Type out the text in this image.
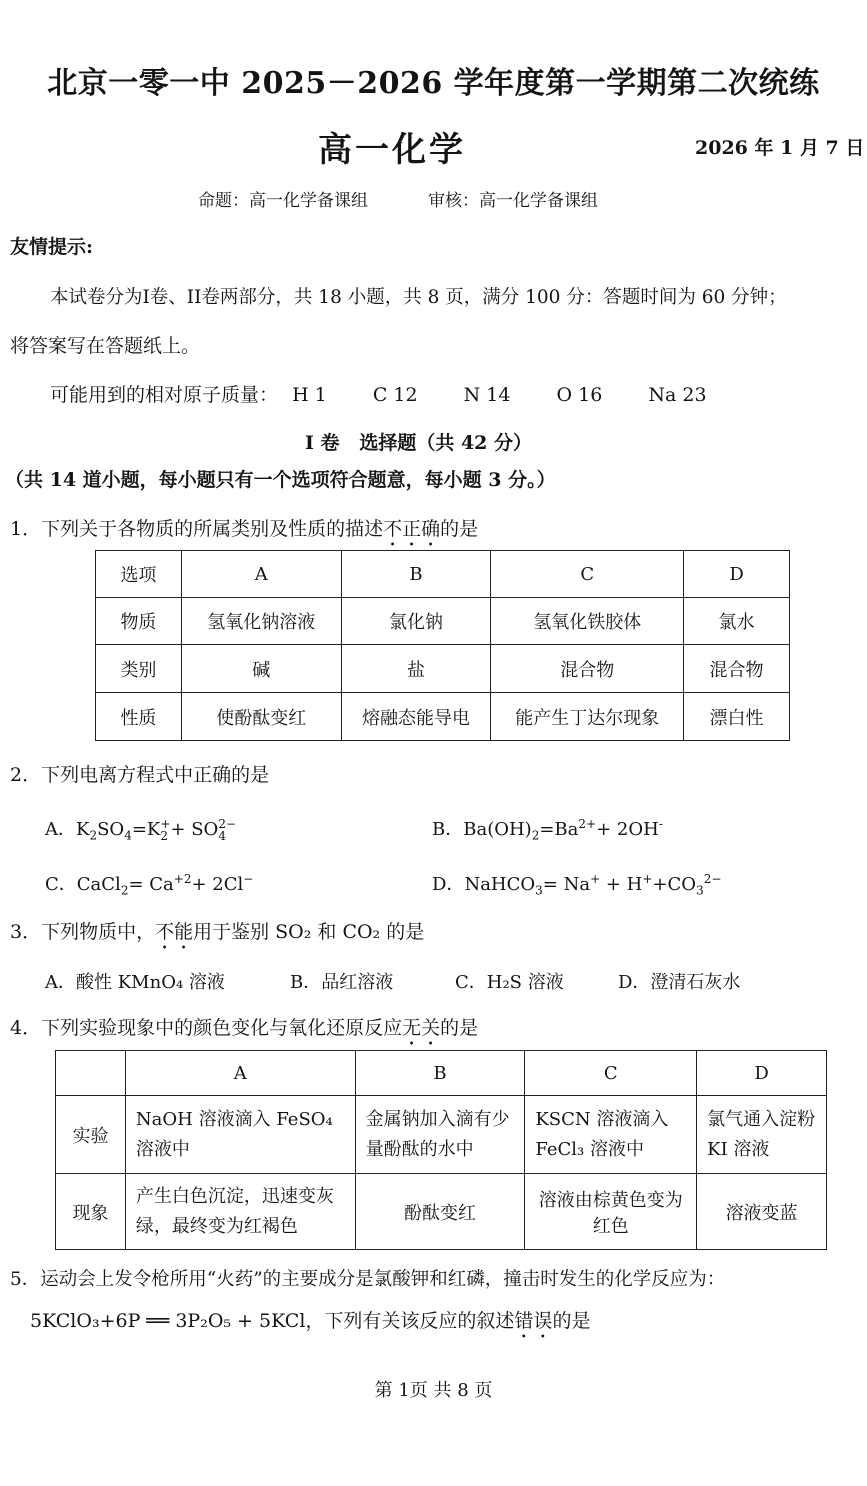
北京一零一中 2025－2026 学年度第一学期第二次统练
高一化学	2026 年 1 月 7 日
命题：高一化学备课组	审核：高一化学备课组
友情提示:
本试卷分为I卷、II卷两部分，共 18 小题，共 8 页，满分 100 分：答题时间为 60 分钟；
将答案写在答题纸上。
可能用到的相对原子质量： H 1 C 12 N 14 O 16 Na 23
I 卷   选择题（共 42 分）
（共 14 道小题，每小题只有一个选项符合题意，每小题 3 分。）
1．下列关于各物质的所属类别及性质的描述不正确的是
选项	A	B	C	D
物质	氢氧化钠溶液	氯化钠	氢氧化铁胶体	氯水
类别	碱	盐	混合物	混合物
性质	使酚酞变红	熔融态能导电	能产生丁达尔现象	漂白性
2．下列电离方程式中正确的是
A．$K_2SO_4=K$ +
2 + SO 2−
4	B．$Ba(OH)_2=Ba^{2+}+ 2OH^-$
C．CaCl$_2$= $Ca^{+2}+ 2Cl^-$	D．NaHCO$_3$= $Na^+ + H^++CO_3^{2-}$
3．下列物质中，不能用于鉴别 SO₂ 和 CO₂ 的是
A．酸性 KMnO₄ 溶液	B．品红溶液	C．H₂S 溶液	D．澄清石灰水
4．下列实验现象中的颜色变化与氧化还原反应无关的是
	A	B	C	D
实验	NaOH 溶液滴入 FeSO₄ 溶液中	金属钠加入滴有少量酚酞的水中	KSCN 溶液滴入 FeCl₃ 溶液中	氯气通入淀粉 KI 溶液
现象	产生白色沉淀，迅速变灰绿，最终变为红褐色	酚酞变红	溶液由棕黄色变为红色	溶液变蓝
5．运动会上发令枪所用“火药”的主要成分是氯酸钾和红磷，撞击时发生的化学反应为：
5KClO₃+6P ══ 3P₂O₅ + 5KCl，下列有关该反应的叙述错误的是
第 1页 共 8 页
